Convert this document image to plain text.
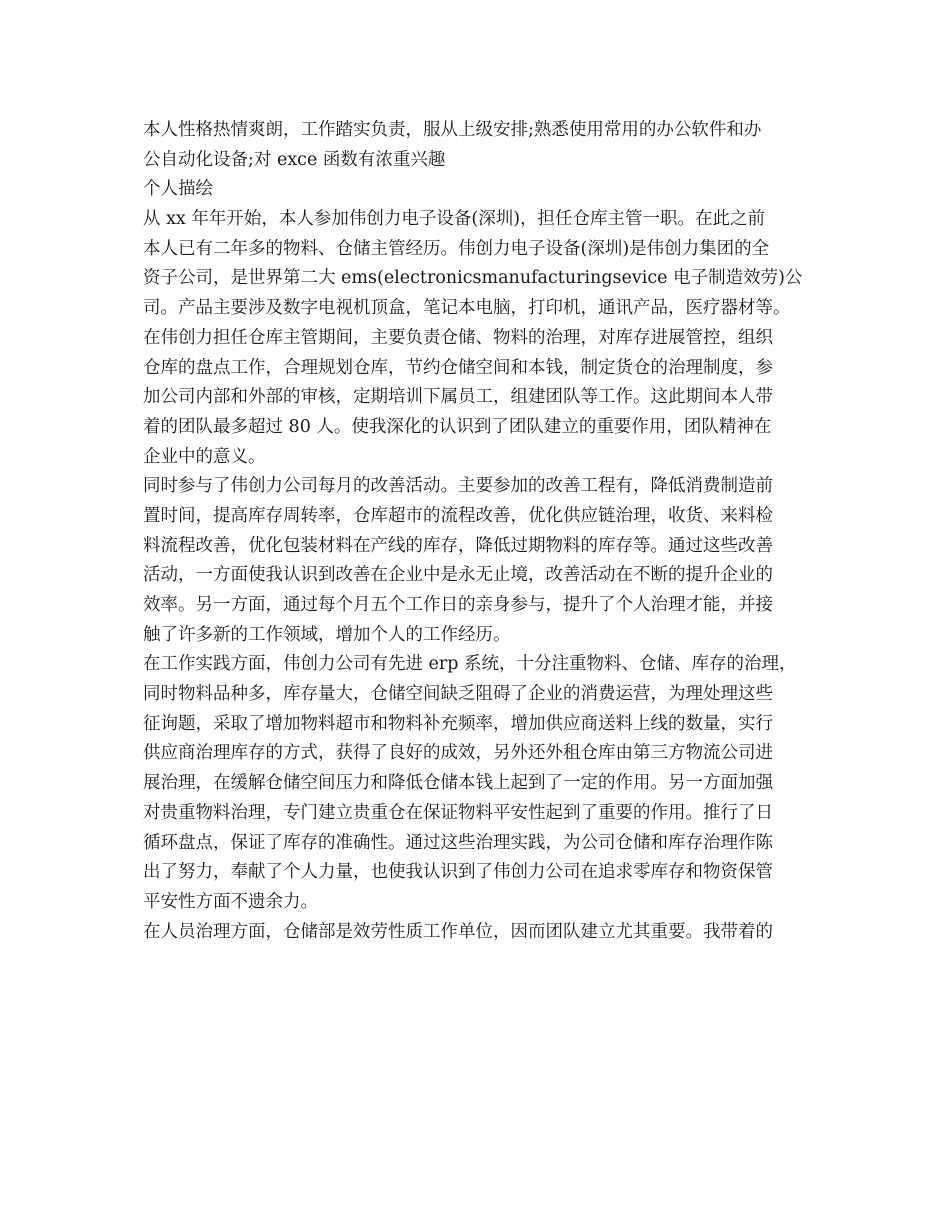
本人性格热情爽朗，工作踏实负责，服从上级安排;熟悉使用常用的办公软件和办
公自动化设备;对 exce 函数有浓重兴趣
个人描绘
从 xx 年年开始，本人参加伟创力电子设备(深圳)，担任仓库主管一职。在此之前
本人已有二年多的物料、仓储主管经历。伟创力电子设备(深圳)是伟创力集团的全
资子公司，是世界第二大 ems(electronicsmanufacturingsevice 电子制造效劳)公
司。产品主要涉及数字电视机顶盒，笔记本电脑，打印机，通讯产品，医疗器材等。
在伟创力担任仓库主管期间，主要负责仓储、物料的治理，对库存进展管控，组织
仓库的盘点工作，合理规划仓库，节约仓储空间和本钱，制定货仓的治理制度，参
加公司内部和外部的审核，定期培训下属员工，组建团队等工作。这此期间本人带
着的团队最多超过 80 人。使我深化的认识到了团队建立的重要作用，团队精神在
企业中的意义。
同时参与了伟创力公司每月的改善活动。主要参加的改善工程有，降低消费制造前
置时间，提高库存周转率，仓库超市的流程改善，优化供应链治理，收货、来料检
料流程改善，优化包装材料在产线的库存，降低过期物料的库存等。通过这些改善
活动，一方面使我认识到改善在企业中是永无止境，改善活动在不断的提升企业的
效率。另一方面，通过每个月五个工作日的亲身参与，提升了个人治理才能，并接
触了许多新的工作领域，增加个人的工作经历。
在工作实践方面，伟创力公司有先进 erp 系统，十分注重物料、仓储、库存的治理，
同时物料品种多，库存量大，仓储空间缺乏阻碍了企业的消费运营，为理处理这些
征询题，采取了增加物料超市和物料补充频率，增加供应商送料上线的数量，实行
供应商治理库存的方式，获得了良好的成效，另外还外租仓库由第三方物流公司进
展治理，在缓解仓储空间压力和降低仓储本钱上起到了一定的作用。另一方面加强
对贵重物料治理，专门建立贵重仓在保证物料平安性起到了重要的作用。推行了日
循环盘点，保证了库存的准确性。通过这些治理实践，为公司仓储和库存治理作陈
出了努力，奉献了个人力量，也使我认识到了伟创力公司在追求零库存和物资保管
平安性方面不遗余力。
在人员治理方面，仓储部是效劳性质工作单位，因而团队建立尤其重要。我带着的
